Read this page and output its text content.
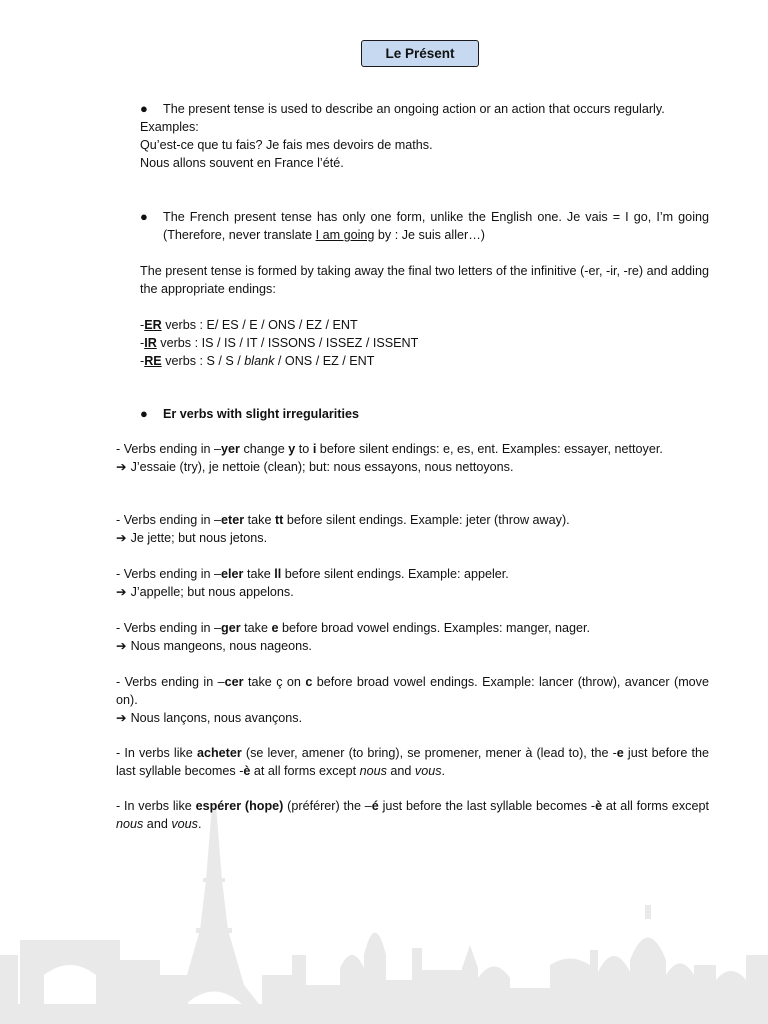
Le Présent
● The present tense is used to describe an ongoing action or an action that occurs regularly.
Examples:
Qu’est-ce que tu fais? Je fais mes devoirs de maths.
Nous allons souvent en France l’été.
● The French present tense has only one form, unlike the English one. Je vais = I go, I’m going (Therefore, never translate I am going by : Je suis aller…)
The present tense is formed by taking away the final two letters of the infinitive (-er, -ir, -re) and adding the appropriate endings:
-ER verbs : E/ ES / E / ONS / EZ / ENT
-IR verbs : IS / IS / IT / ISSONS / ISSEZ / ISSENT
-RE verbs : S / S / blank / ONS / EZ / ENT
● Er verbs with slight irregularities
- Verbs ending in –yer change y to i before silent endings: e, es, ent. Examples: essayer, nettoyer.
➔ J’essaie (try), je nettoie (clean); but: nous essayons, nous nettoyons.
- Verbs ending in –eter take tt before silent endings. Example: jeter (throw away).
➔ Je jette; but nous jetons.
- Verbs ending in –eler take ll before silent endings. Example: appeler.
➔ J’appelle; but nous appelons.
- Verbs ending in –ger take e before broad vowel endings. Examples: manger, nager.
➔ Nous mangeons, nous nageons.
- Verbs ending in –cer take ç on c before broad vowel endings. Example: lancer (throw), avancer (move on).
➔ Nous lançons, nous avançons.
- In verbs like acheter (se lever, amener (to bring), se promener, mener à (lead to), the -e just before the last syllable becomes -è at all forms except nous and vous.
- In verbs like espérer (hope) (préférer) the –é just before the last syllable becomes -è at all forms except nous and vous.
